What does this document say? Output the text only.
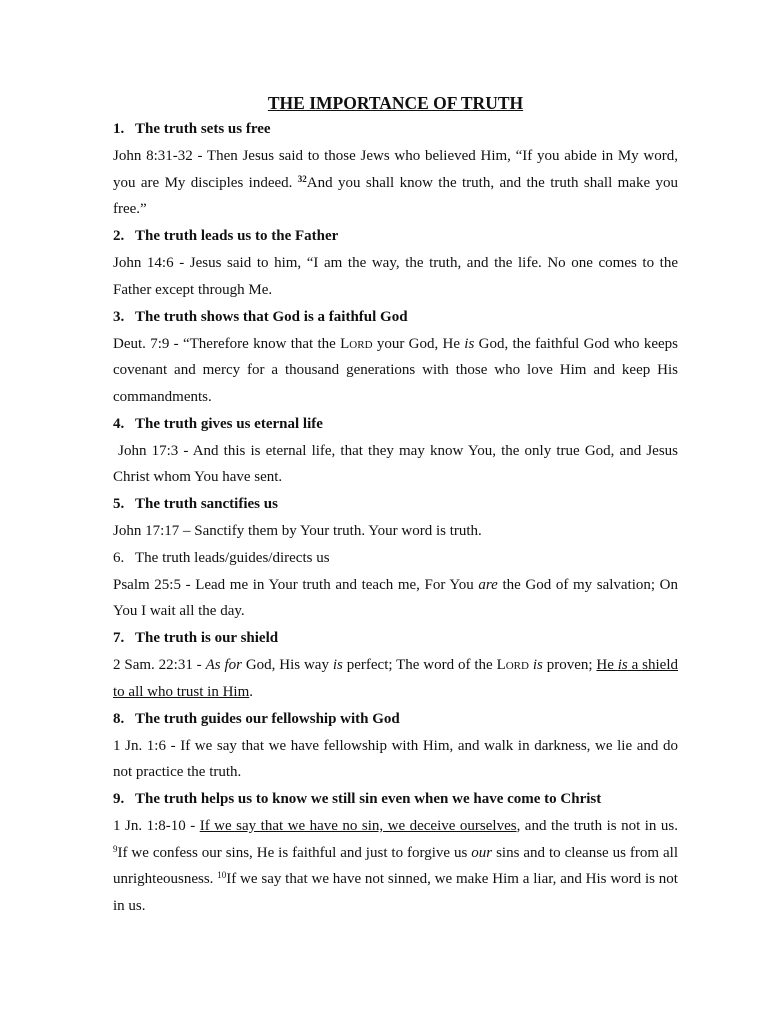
THE IMPORTANCE OF TRUTH
1. The truth sets us free

John 8:31-32 - Then Jesus said to those Jews who believed Him, “If you abide in My word, you are My disciples indeed. $^{32}$And you shall know the truth, and the truth shall make you free.”

2. The truth leads us to the Father

John 14:6 - Jesus said to him, “I am the way, the truth, and the life. No one comes to the Father except through Me.

3. The truth shows that God is a faithful God

Deut. 7:9 - “Therefore know that the Lord your God, He is God, the faithful God who keeps covenant and mercy for a thousand generations with those who love Him and keep His commandments.

4. The truth gives us eternal life

John 17:3 - And this is eternal life, that they may know You, the only true God, and Jesus Christ whom You have sent.

5. The truth sanctifies us

John 17:17 – Sanctify them by Your truth. Your word is truth.

6. The truth leads/guides/directs us

Psalm 25:5 - Lead me in Your truth and teach me, For You are the God of my salvation; On You I wait all the day.

7. The truth is our shield

2 Sam. 22:31 - As for God, His way is perfect; The word of the Lord is proven; He is a shield to all who trust in Him.

8. The truth guides our fellowship with God

1 Jn. 1:6 - If we say that we have fellowship with Him, and walk in darkness, we lie and do not practice the truth.

9. The truth helps us to know we still sin even when we have come to Christ

1 Jn. 1:8-10 - If we say that we have no sin, we deceive ourselves, and the truth is not in us. $^9$If we confess our sins, He is faithful and just to forgive us our sins and to cleanse us from all unrighteousness. $^{10}$If we say that we have not sinned, we make Him a liar, and His word is not in us.
